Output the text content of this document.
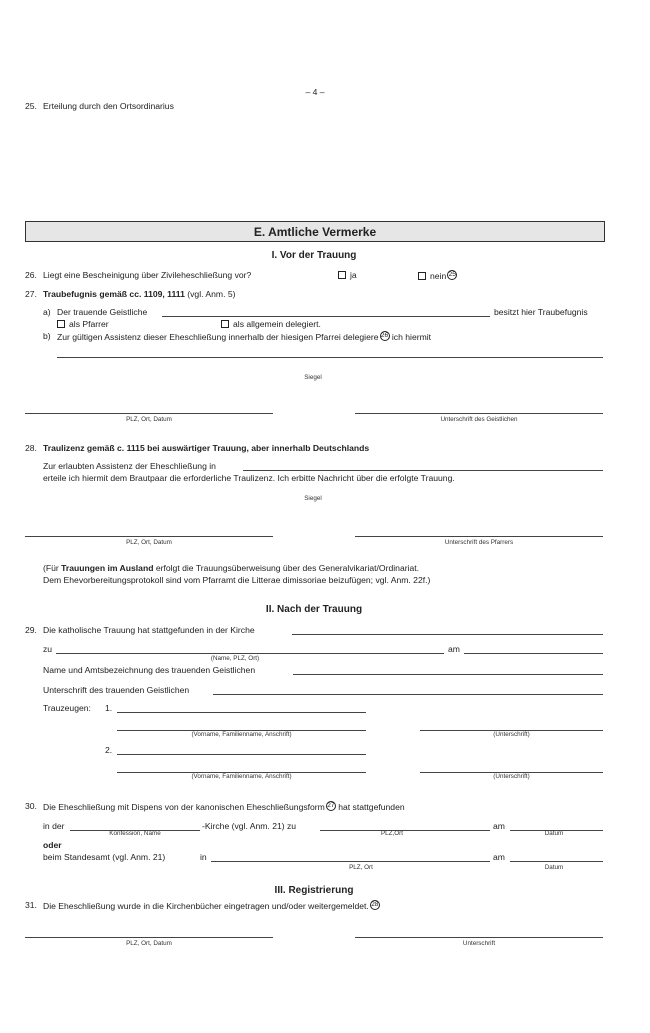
– 4 –
25. Erteilung durch den Ortsordinarius
E. Amtliche Vermerke
I. Vor der Trauung
26. Liegt eine Bescheinigung über Zivileheschließung vor?	ja	nein 25
27. Traubefugnis gemäß cc. 1109, 1111 (vgl. Anm. 5)
a) Der trauende Geistliche	besitzt hier Traubefugnis
als Pfarrer	als allgemein delegiert.
b) Zur gültigen Assistenz dieser Eheschließung innerhalb der hiesigen Pfarrei delegiere 26 ich hiermit
Siegel
PLZ, Ort, Datum	Unterschrift des Geistlichen
28. Traulizenz gemäß c. 1115 bei auswärtiger Trauung, aber innerhalb Deutschlands
Zur erlaubten Assistenz der Eheschließung in
erteile ich hiermit dem Brautpaar die erforderliche Traulizenz. Ich erbitte Nachricht über die erfolgte Trauung.
Siegel
PLZ, Ort, Datum	Unterschrift des Pfarrers
(Für Trauungen im Ausland erfolgt die Trauungsüberweisung über des Generalvikariat/Ordinariat.
Dem Ehevorbereitungsprotokoll sind vom Pfarramt die Litterae dimissoriae beizufügen; vgl. Anm. 22f.)
II. Nach der Trauung
29. Die katholische Trauung hat stattgefunden in der Kirche
zu	am
(Name, PLZ, Ort)
Name und Amtsbezeichnung des trauenden Geistlichen
Unterschrift des trauenden Geistlichen
Trauzeugen: 1.
(Vorname, Familienname, Anschrift)	(Unterschrift)
2.
(Vorname, Familienname, Anschrift)	(Unterschrift)
30. Die Eheschließung mit Dispens von der kanonischen Eheschließungsform 27 hat stattgefunden
in der	-Kirche (vgl. Anm. 21) zu	am
Konfession, Name	PLZ,Ort	Datum
oder
beim Standesamt (vgl. Anm. 21)	in	am
PLZ, Ort	Datum
III. Registrierung
31. Die Eheschließung wurde in die Kirchenbücher eingetragen und/oder weitergemeldet. 28
PLZ, Ort, Datum	Unterschrift
